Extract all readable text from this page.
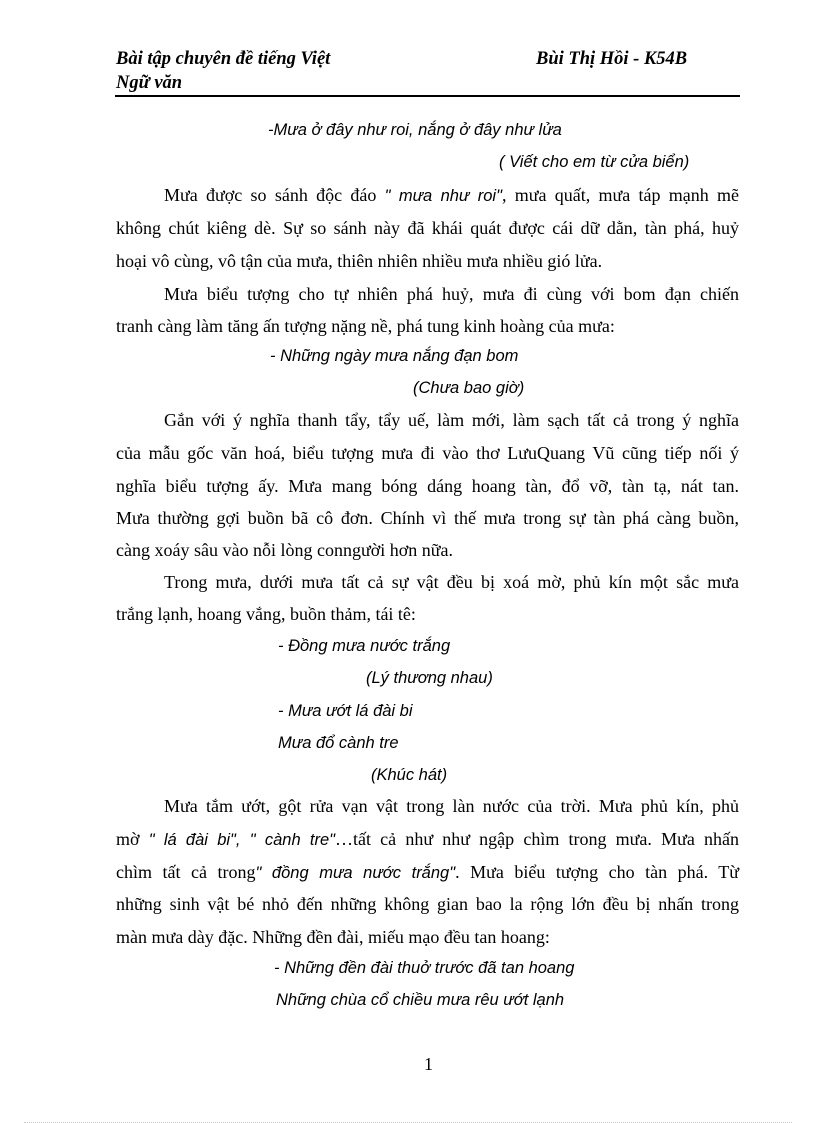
Bài tập chuyên đề tiếng Việt	Bùi Thị Hồi - K54B
Ngữ văn
-Mưa ở đây như roi, nắng ở đây như lửa
( Viết cho em từ cửa biển)
Mưa được so sánh độc đáo " mưa như roi", mưa quất, mưa táp mạnh mẽ
không chút kiêng dè. Sự so sánh này đã khái quát được cái dữ dằn, tàn phá, huỷ
hoại vô cùng, vô tận của mưa, thiên nhiên nhiều mưa nhiều gió lửa.
Mưa biểu tượng cho tự nhiên phá huỷ, mưa đi cùng với bom đạn chiến
tranh càng làm tăng ấn tượng nặng nề, phá tung kinh hoàng của mưa:
- Những ngày mưa nắng đạn bom
(Chưa bao giờ)
Gắn với ý nghĩa thanh tẩy, tẩy uế, làm mới, làm sạch tất cả trong ý nghĩa
của mẫu gốc văn hoá, biểu tượng mưa đi vào thơ LưuQuang Vũ cũng tiếp nối ý
nghĩa biểu tượng ấy. Mưa mang bóng dáng hoang tàn, đổ vỡ, tàn tạ, nát tan.
Mưa thường gợi buồn bã cô đơn. Chính vì thế mưa trong sự tàn phá càng buồn,
càng xoáy sâu vào nỗi lòng conngười hơn nữa.
Trong mưa, dưới mưa tất cả sự vật đều bị xoá mờ, phủ kín một sắc mưa
trắng lạnh, hoang vắng, buồn thảm, tái tê:
- Đồng mưa nước trắng
(Lý thương nhau)
- Mưa ướt lá đài bi
Mưa đổ cành tre
(Khúc hát)
Mưa tắm ướt, gột rửa vạn vật trong làn nước của trời. Mưa phủ kín, phủ
mờ " lá đài bi", " cành tre"…tất cả như như ngập chìm trong mưa. Mưa nhấn
chìm tất cả trong" đồng mưa nước trắng". Mưa biểu tượng cho tàn phá. Từ
những sinh vật bé nhỏ đến những không gian bao la rộng lớn đều bị nhấn trong
màn mưa dày đặc. Những đền đài, miếu mạo đều tan hoang:
- Những đền đài thuở trước đã tan hoang
Những chùa cổ chiều mưa rêu ướt lạnh
1
